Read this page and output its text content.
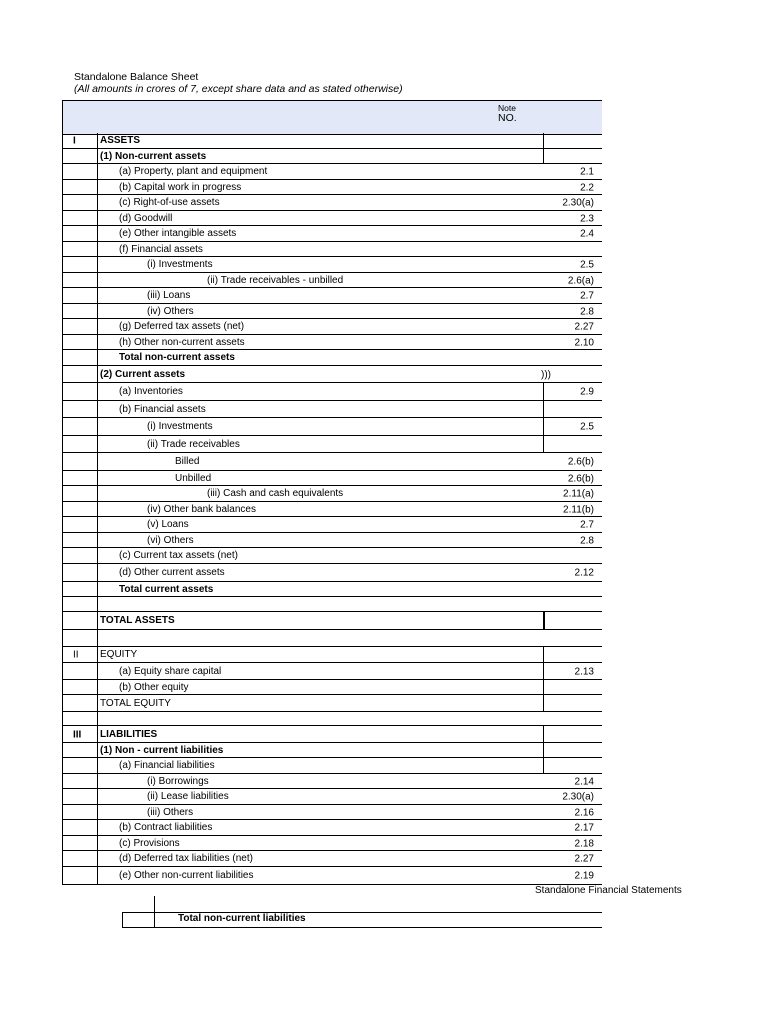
Standalone Balance Sheet
(All amounts in crores of 7, except share data and as stated otherwise)
Note
NO.
I ASSETS
(1) Non-current assets
(a) Property, plant and equipment	2.1
(b) Capital work in progress	2.2
(c) Right-of-use assets	2.30(a)
(d) Goodwill	2.3
(e) Other intangible assets	2.4
(f) Financial assets
(i) Investments	2.5
(ii) Trade receivables - unbilled	2.6(a)
(iii) Loans	2.7
(iv) Others	2.8
(g) Deferred tax assets (net)	2.27
(h) Other non-current assets	2.10
Total non-current assets
(2) Current assets	)))
(a) Inventories	2.9
(b) Financial assets
(i) Investments	2.5
(ii) Trade receivables
Billed	2.6(b)
Unbilled	2.6(b)
(iii) Cash and cash equivalents	2.11(a)
(iv) Other bank balances	2.11(b)
(v) Loans	2.7
(vi) Others	2.8
(c) Current tax assets (net)
(d) Other current assets	2.12
Total current assets
TOTAL ASSETS
II EQUITY
(a) Equity share capital	2.13
(b) Other equity
TOTAL EQUITY
III LIABILITIES
(1) Non - current liabilities
(a) Financial liabilities
(i) Borrowings	2.14
(ii) Lease liabilities	2.30(a)
(iii) Others	2.16
(b) Contract liabilities	2.17
(c) Provisions	2.18
(d) Deferred tax liabilities (net)	2.27
(e) Other non-current liabilities	2.19
Standalone Financial Statements
Total non-current liabilities
